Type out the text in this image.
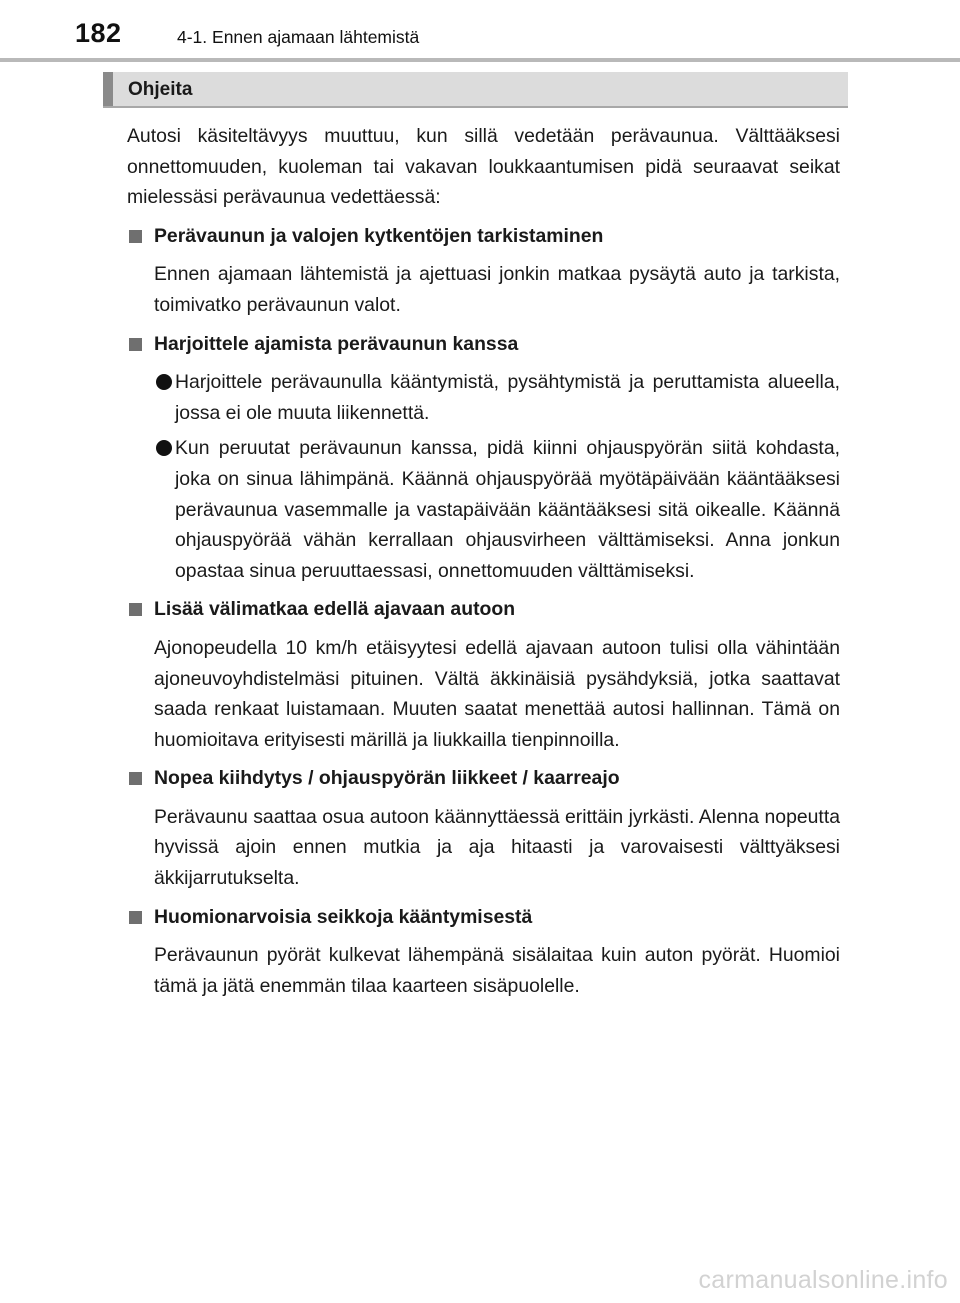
182	4-1. Ennen ajamaan lähtemistä
Ohjeita

Autosi käsiteltävyys muuttuu, kun sillä vedetään perävaunua. Välttääksesi onnettomuuden, kuoleman tai vakavan loukkaantumisen pidä seuraavat seikat mielessäsi perävaunua vedettäessä:

Perävaunun ja valojen kytkentöjen tarkistaminen

Ennen ajamaan lähtemistä ja ajettuasi jonkin matkaa pysäytä auto ja tarkista, toimivatko perävaunun valot.

Harjoittele ajamista perävaunun kanssa

Harjoittele perävaunulla kääntymistä, pysähtymistä ja peruttamista alueella, jossa ei ole muuta liikennettä.

Kun peruutat perävaunun kanssa, pidä kiinni ohjauspyörän siitä kohdasta, joka on sinua lähimpänä. Käännä ohjauspyörää myötäpäivään kääntääksesi perävaunua vasemmalle ja vastapäivään kääntääksesi sitä oikealle. Käännä ohjauspyörää vähän kerrallaan ohjausvirheen välttämiseksi. Anna jonkun opastaa sinua peruuttaessasi, onnettomuuden välttämiseksi.

Lisää välimatkaa edellä ajavaan autoon

Ajonopeudella 10 km/h etäisyytesi edellä ajavaan autoon tulisi olla vähintään ajoneuvoyhdistelmäsi pituinen. Vältä äkkinäisiä pysähdyksiä, jotka saattavat saada renkaat luistamaan. Muuten saatat menettää autosi hallinnan. Tämä on huomioitava erityisesti märillä ja liukkailla tienpinnoilla.

Nopea kiihdytys / ohjauspyörän liikkeet / kaarreajo

Perävaunu saattaa osua autoon käännyttäessä erittäin jyrkästi. Alenna nopeutta hyvissä ajoin ennen mutkia ja aja hitaasti ja varovaisesti välttyäksesi äkkijarrutukselta.

Huomionarvoisia seikkoja kääntymisestä

Perävaunun pyörät kulkevat lähempänä sisälaitaa kuin auton pyörät. Huomioi tämä ja jätä enemmän tilaa kaarteen sisäpuolelle.

carmanualsonline.info
